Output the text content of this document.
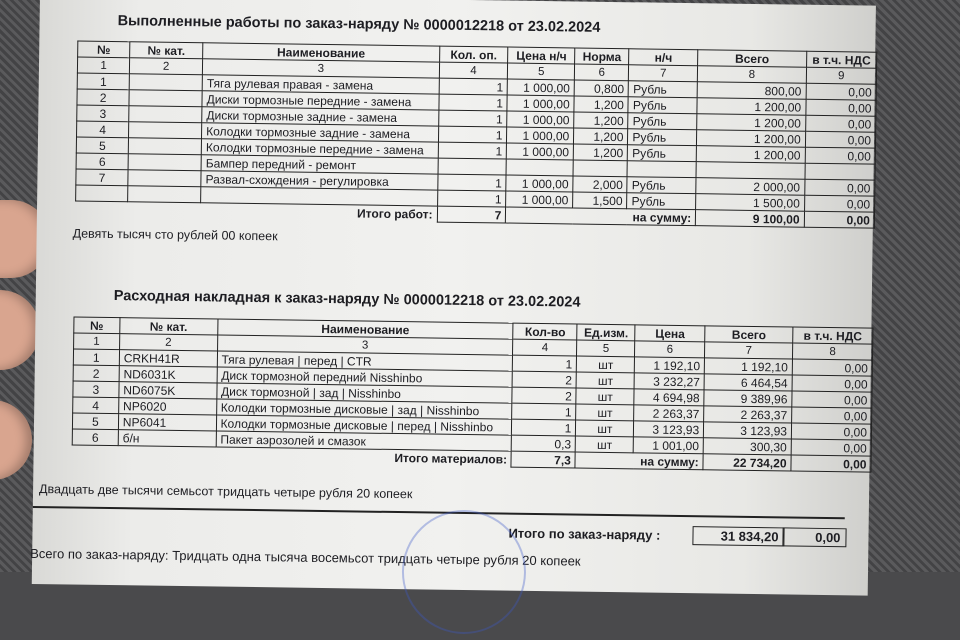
Выполненные работы по заказ-наряду № 0000012218 от 23.02.2024
№	№ кат.	Наименование	Кол. оп.	Цена н/ч	Норма	н/ч	Всего	в т.ч. НДС
1	2	3	4	5	6	7	8	9
1		Тяга рулевая правая - замена	1	1 000,00	0,800	Рубль	800,00	0,00
2		Диски тормозные передние - замена	1	1 000,00	1,200	Рубль	1 200,00	0,00
3		Диски тормозные задние - замена	1	1 000,00	1,200	Рубль	1 200,00	0,00
4		Колодки тормозные задние - замена	1	1 000,00	1,200	Рубль	1 200,00	0,00
5		Колодки тормозные передние - замена	1	1 000,00	1,200	Рубль	1 200,00	0,00
6		Бампер передний - ремонт						
7		Развал-схождения - регулировка	1	1 000,00	2,000	Рубль	2 000,00	0,00
			1	1 000,00	1,500	Рубль	1 500,00	0,00
Итого работ:			7	на сумму:			9 100,00	0,00
Девять тысяч сто рублей 00 копеек
Расходная накладная к заказ-наряду № 0000012218 от 23.02.2024
№	№ кат.	Наименование	Кол-во	Ед.изм.	Цена	Всего	в т.ч. НДС
1	2	3	4	5	6	7	8
1	CRKH41R	Тяга рулевая | перед | CTR	1	шт	1 192,10	1 192,10	0,00
2	ND6031K	Диск тормозной передний Nisshinbo	2	шт	3 232,27	6 464,54	0,00
3	ND6075K	Диск тормозной | зад | Nisshinbo	2	шт	4 694,98	9 389,96	0,00
4	NP6020	Колодки тормозные дисковые | зад | Nisshinbo	1	шт	2 263,37	2 263,37	0,00
5	NP6041	Колодки тормозные дисковые | перед | Nisshinbo	1	шт	3 123,93	3 123,93	0,00
6	б/н	Пакет аэрозолей и смазок	0,3	шт	1 001,00	300,30	0,00
Итого материалов:			7,3	на сумму:		22 734,20	0,00
Двадцать две тысячи семьсот тридцать четыре рубля 20 копеек
Итого по заказ-наряду :	31 834,20	0,00
Всего по заказ-наряду: Тридцать одна тысяча восемьсот тридцать четыре рубля 20 копеек
